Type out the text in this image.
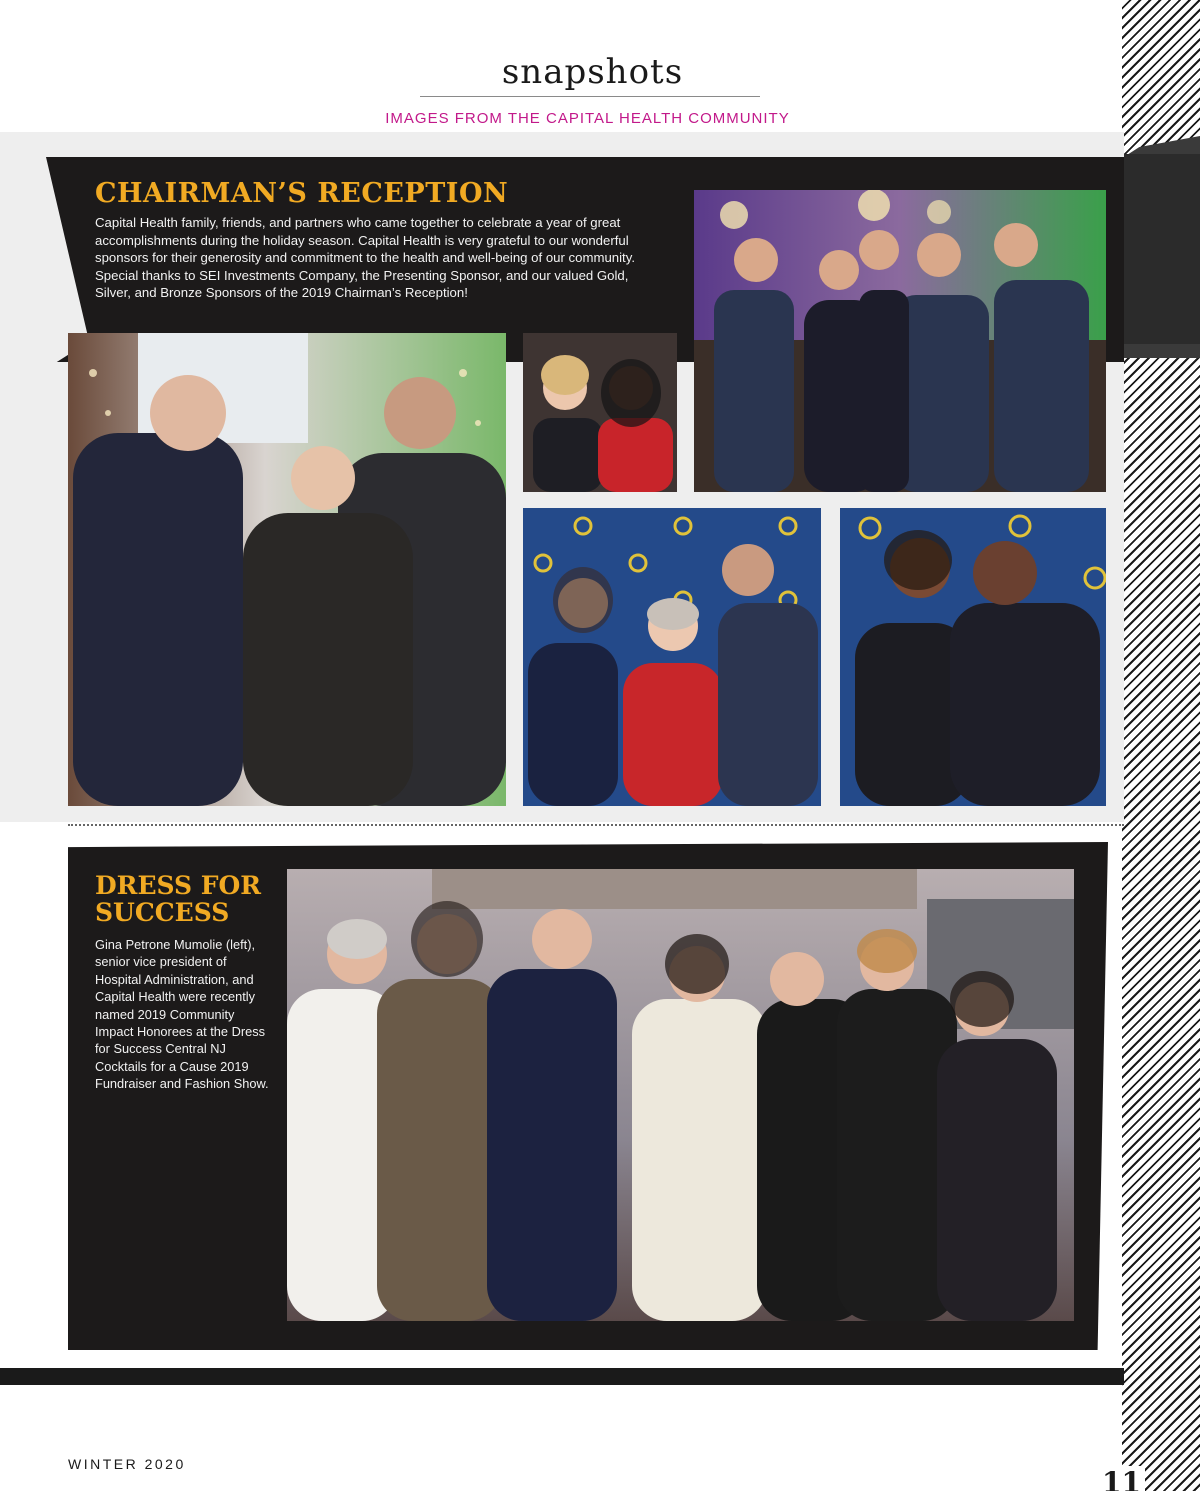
snapshots
IMAGES FROM THE CAPITAL HEALTH COMMUNITY
CHAIRMAN’S RECEPTION
Capital Health family, friends, and partners who came together to celebrate a year of great accomplishments during the holiday season. Capital Health is very grateful to our wonderful sponsors for their generosity and commitment to the health and well-being of our community. Special thanks to SEI Investments Company, the Presenting Sponsor, and our valued Gold, Silver, and Bronze Sponsors of the 2019 Chairman’s Reception!
DRESS FOR SUCCESS
Gina Petrone Mumolie (left), senior vice president of Hospital Administration, and Capital Health were recently named 2019 Community Impact Honorees at the Dress for Success Central NJ Cocktails for a Cause 2019 Fundraiser and Fashion Show.
WINTER 2020
11
